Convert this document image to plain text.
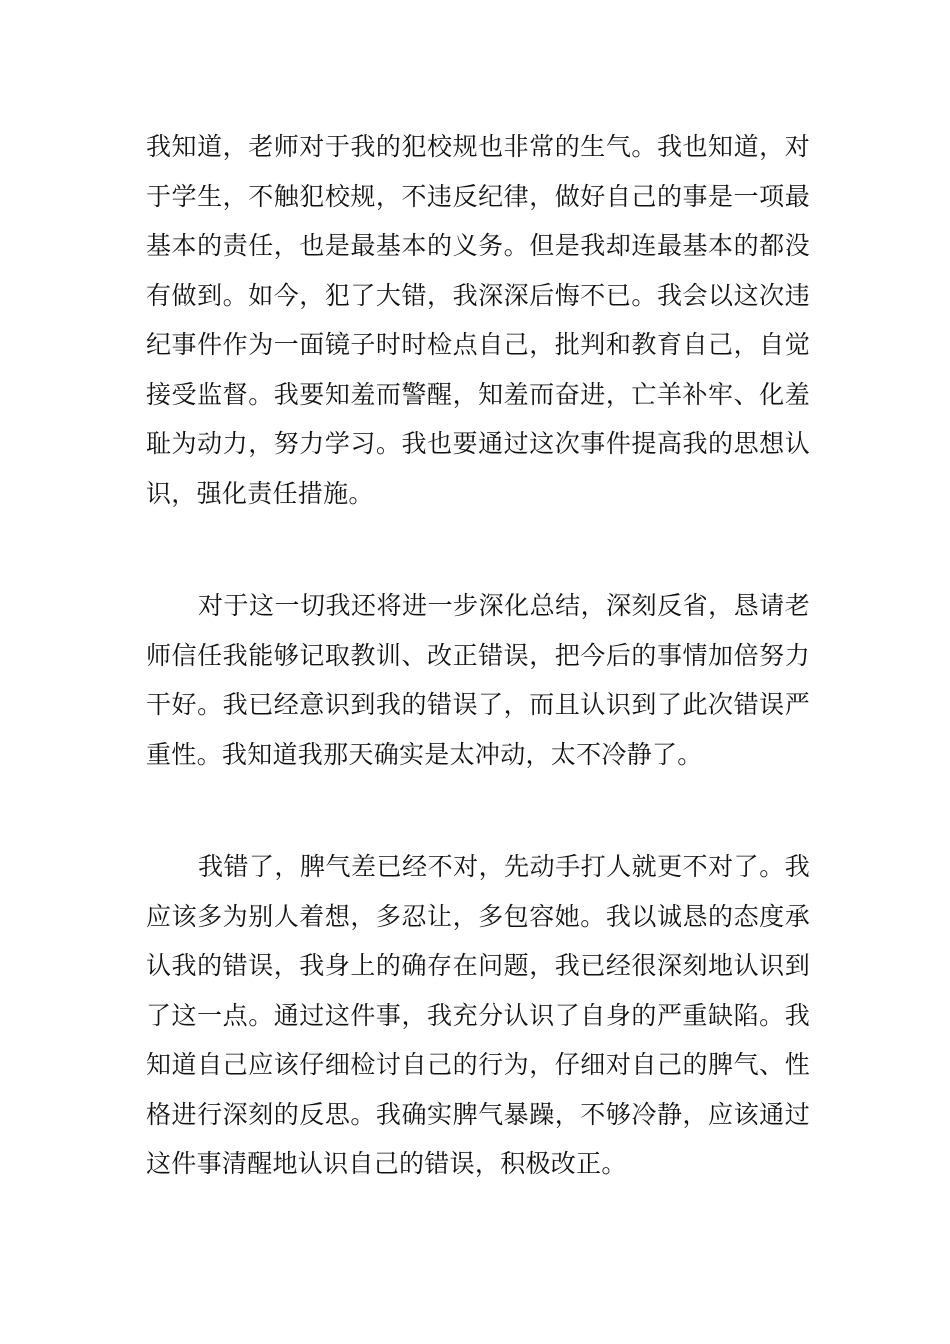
我知道，老师对于我的犯校规也非常的生气。我也知道，对于学生，不触犯校规，不违反纪律，做好自己的事是一项最基本的责任，也是最基本的义务。但是我却连最基本的都没有做到。如今，犯了大错，我深深后悔不已。我会以这次违纪事件作为一面镜子时时检点自己，批判和教育自己，自觉接受监督。我要知羞而警醒，知羞而奋进，亡羊补牢、化羞耻为动力，努力学习。我也要通过这次事件提高我的思想认识，强化责任措施。

对于这一切我还将进一步深化总结，深刻反省，恳请老师信任我能够记取教训、改正错误，把今后的事情加倍努力干好。我已经意识到我的错误了，而且认识到了此次错误严重性。我知道我那天确实是太冲动，太不冷静了。

我错了，脾气差已经不对，先动手打人就更不对了。我应该多为别人着想，多忍让，多包容她。我以诚恳的态度承认我的错误，我身上的确存在问题，我已经很深刻地认识到了这一点。通过这件事，我充分认识了自身的严重缺陷。我知道自己应该仔细检讨自己的行为，仔细对自己的脾气、性格进行深刻的反思。我确实脾气暴躁，不够冷静，应该通过这件事清醒地认识自己的错误，积极改正。
